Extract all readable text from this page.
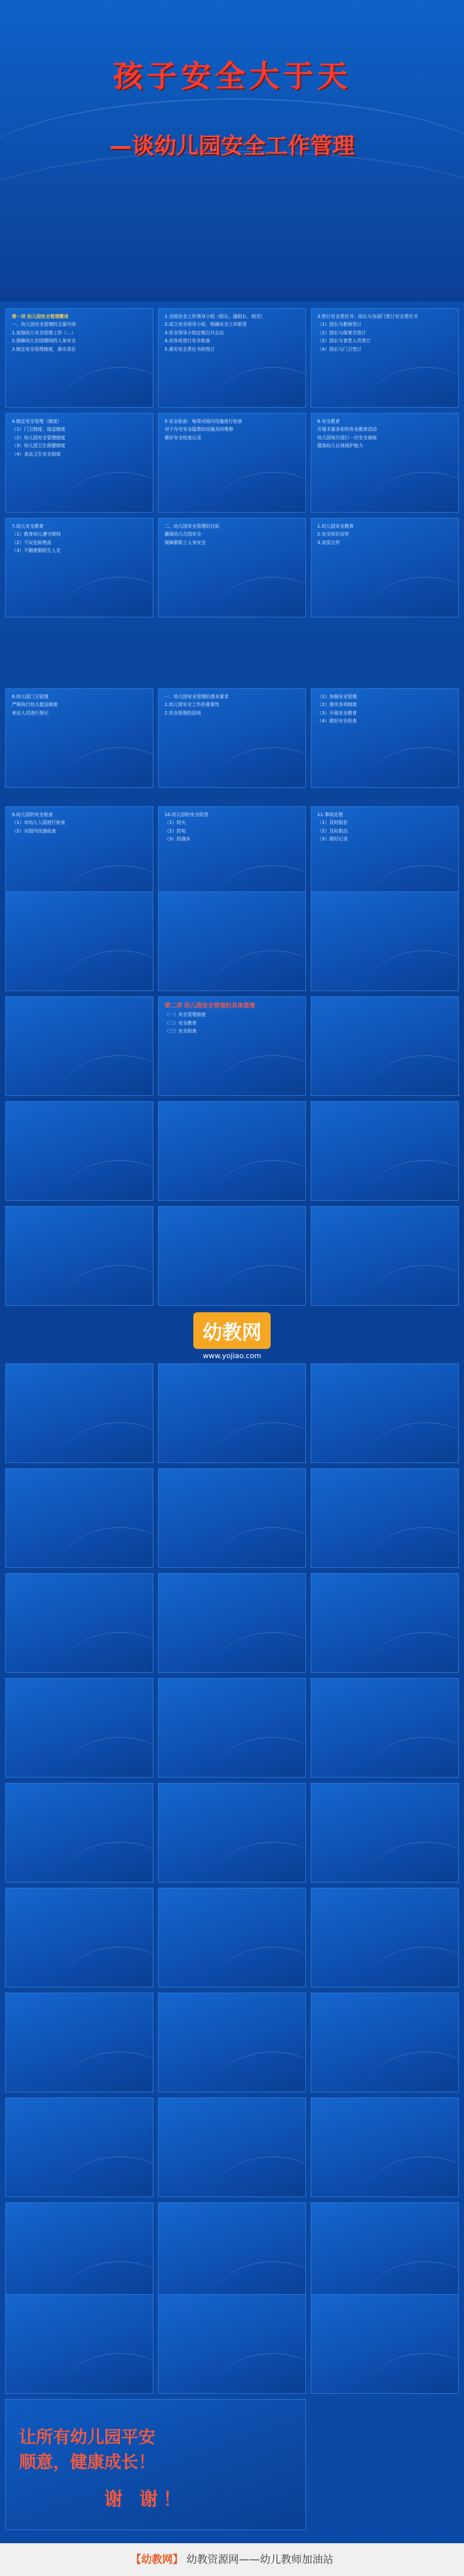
孩子安全大于天
—谈幼儿园安全工作管理

第一讲 幼儿园安全管理概述

一、幼儿园安全管理的主要内容

1.加强幼儿安全管理工作（…）

2.保障幼儿在园期间的人身安全

3.制定安全管理制度，落实责任

1.全园安全工作领导小组（组长、副组长、组员）

2.成立安全领导小组，明确安全工作职责

3.安全领导小组定期召开会议

4.对各班进行安全检查

5.落实安全责任书的签订

3.签订安全责任书：园长与各部门签订安全责任书

（1）园长与教师签订

（2）园长与保育员签订

（3）园长与食堂人员签订

（4）园长与门卫签订

4.制定安全管理（制度）

（1）门卫制度、接送制度

（2）幼儿园安全管理制度

（3）幼儿园卫生保健制度

（4）食品卫生安全制度

5.安全检查：每周对园内设施进行检查

对于存在安全隐患的设施及时维修

做好安全检查记录

6.安全教育

开展丰富多彩的安全教育活动

幼儿园每月进行一次安全演练

提高幼儿自我保护能力

7.幼儿安全教育

（1）教育幼儿遵守规则

（2）不玩危险物品

（3）不随便跟陌生人走

二、幼儿园安全管理的目标

确保幼儿在园安全

保障教职工人身安全

1.幼儿园安全教育

2.安全知识宣传

3.家园合作

8.幼儿园门卫管理

严格执行幼儿接送制度

来访人员进行登记

一、幼儿园安全管理的基本要求

1.幼儿园安全工作的重要性

2.安全管理的原则

（1）加强安全管理

（2）落实各项制度

（3）开展安全教育

（4）做好安全检查

9.幼儿园的安全检查

（1）对幼儿入园进行检查

（2）对园内设施检查

10.幼儿园的安全防范

（1）防火

（2）防电

（3）防溺水

11.事故处理

（1）及时报告

（2）及时救治

（3）做好记录

第二讲 幼儿园安全管理的具体措施

（一）安全管理制度

（二）安全教育

（三）安全检查

幼教网
www.yojiao.com
让所有幼儿园平安
顺意，健康成长！
谢 谢！
【幼教网】 幼教资源网——幼儿教师加油站
